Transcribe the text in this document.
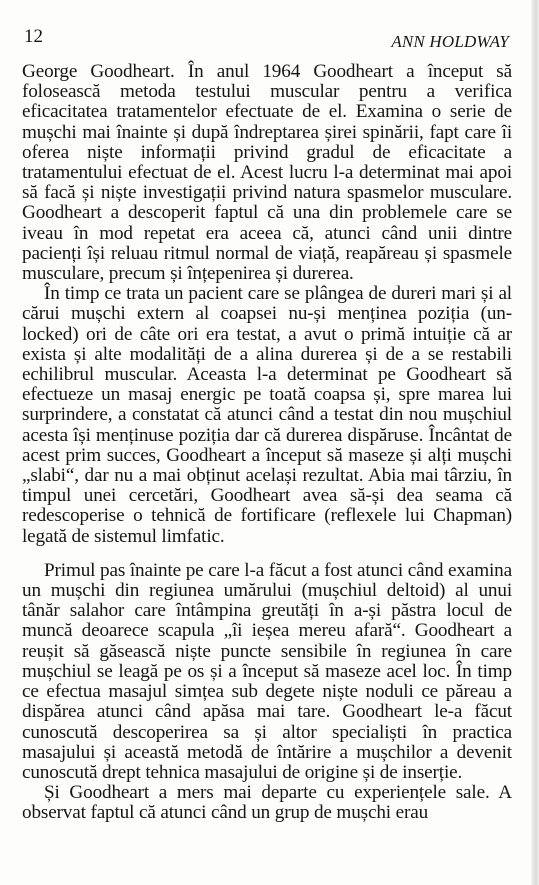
12	ANN HOLDWAY

George Goodheart. În anul 1964 Goodheart a început să folosească metoda testului muscular pentru a verifica eficacitatea tratamentelor efectuate de el. Examina o serie de mușchi mai înainte și după îndreptarea șirei spinării, fapt care îi oferea niște informații privind gradul de eficacitate a tratamentului efectuat de el. Acest lucru l-a determinat mai apoi să facă și niște investigații privind natura spasmelor musculare. Goodheart a descoperit faptul că una din problemele care se iveau în mod repetat era aceea că, atunci când unii dintre pacienți își reluau ritmul normal de viață, reapăreau și spasmele musculare, precum și înțepenirea și durerea.

În timp ce trata un pacient care se plângea de dureri mari și al cărui mușchi extern al coapsei nu-și menținea poziția (un-locked) ori de câte ori era testat, a avut o primă intuiție că ar exista și alte modalități de a alina durerea și de a se restabili echilibrul muscular. Aceasta l-a determinat pe Goodheart să efectueze un masaj energic pe toată coapsa și, spre marea lui surprindere, a constatat că atunci când a testat din nou mușchiul acesta își menținuse poziția dar că durerea dispăruse. Încântat de acest prim succes, Goodheart a început să maseze și alți mușchi „slabi“, dar nu a mai obținut același rezultat. Abia mai târziu, în timpul unei cercetări, Goodheart avea să-și dea seama că redescoperise o tehnică de fortificare (reflexele lui Chapman) legată de sistemul limfatic.

Primul pas înainte pe care l-a făcut a fost atunci când examina un mușchi din regiunea umărului (mușchiul deltoid) al unui tânăr salahor care întâmpina greutăți în a-și păstra locul de muncă deoarece scapula „îi ieșea mereu afară“. Goodheart a reușit să găsească niște puncte sensibile în regiunea în care mușchiul se leagă pe os și a început să maseze acel loc. În timp ce efectua masajul simțea sub degete niște noduli ce păreau a dispărea atunci când apăsa mai tare. Goodheart le-a făcut cunoscută descoperirea sa și altor specialiști în practica masajului și această metodă de întărire a mușchilor a devenit cunoscută drept tehnica masajului de origine și de inserție.

Și Goodheart a mers mai departe cu experiențele sale. A observat faptul că atunci când un grup de mușchi erau
